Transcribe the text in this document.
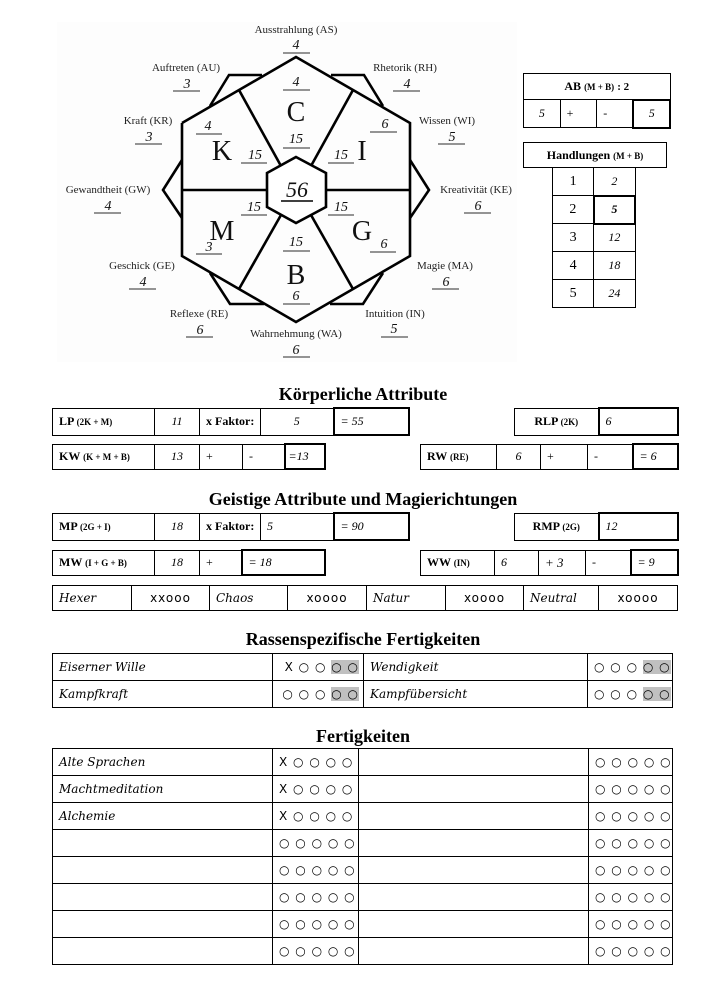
56
C
I
G
B
M
K
4
6
6
6
3
4
15
15
15
15
15
15
Ausstrahlung (AS)
4
Rhetorik (RH)
4
Wissen (WI)
5
Kreativität (KE)
6
Magie (MA)
6
Intuition (IN)
5
Wahrnehmung (WA)
6
Reflexe (RE)
6
Geschick (GE)
4
Gewandtheit (GW)
4
Kraft (KR)
3
Auftreten (AU)
3	AB (M + B) : 2
5	+	-	5
Handlungen (M + B)
1	2
2	5
3	12
4	18
5	24
Körperliche Attribute
LP (2K + M)	11	x Faktor:	5	= 55	RLP (2K)	6
KW (K + M + B)	13	+	-	=13	RW (RE)	6	+	-	= 6
Geistige Attribute und Magierichtungen
MP (2G + I)	18	x Faktor:	5	= 90	RMP (2G)	12
MW (I + G + B)	18	+	= 18	WW (IN)	6	+ 3	-	= 9
Hexer	xxooo	Chaos	xoooo	Natur	xoooo	Neutral	xoooo
Rassenspezifische Fertigkeiten
Eiserner Wille	X ○ ○ ○ ○	Wendigkeit	○ ○ ○ ○ ○
Kampfkraft	○ ○ ○ ○ ○	Kampfübersicht	○ ○ ○ ○ ○
Fertigkeiten
Alte Sprachen	X ○ ○ ○ ○		○ ○ ○ ○ ○
Machtmeditation	X ○ ○ ○ ○		○ ○ ○ ○ ○
Alchemie	X ○ ○ ○ ○		○ ○ ○ ○ ○
	○ ○ ○ ○ ○		○ ○ ○ ○ ○
	○ ○ ○ ○ ○		○ ○ ○ ○ ○
	○ ○ ○ ○ ○		○ ○ ○ ○ ○
	○ ○ ○ ○ ○		○ ○ ○ ○ ○
	○ ○ ○ ○ ○		○ ○ ○ ○ ○
